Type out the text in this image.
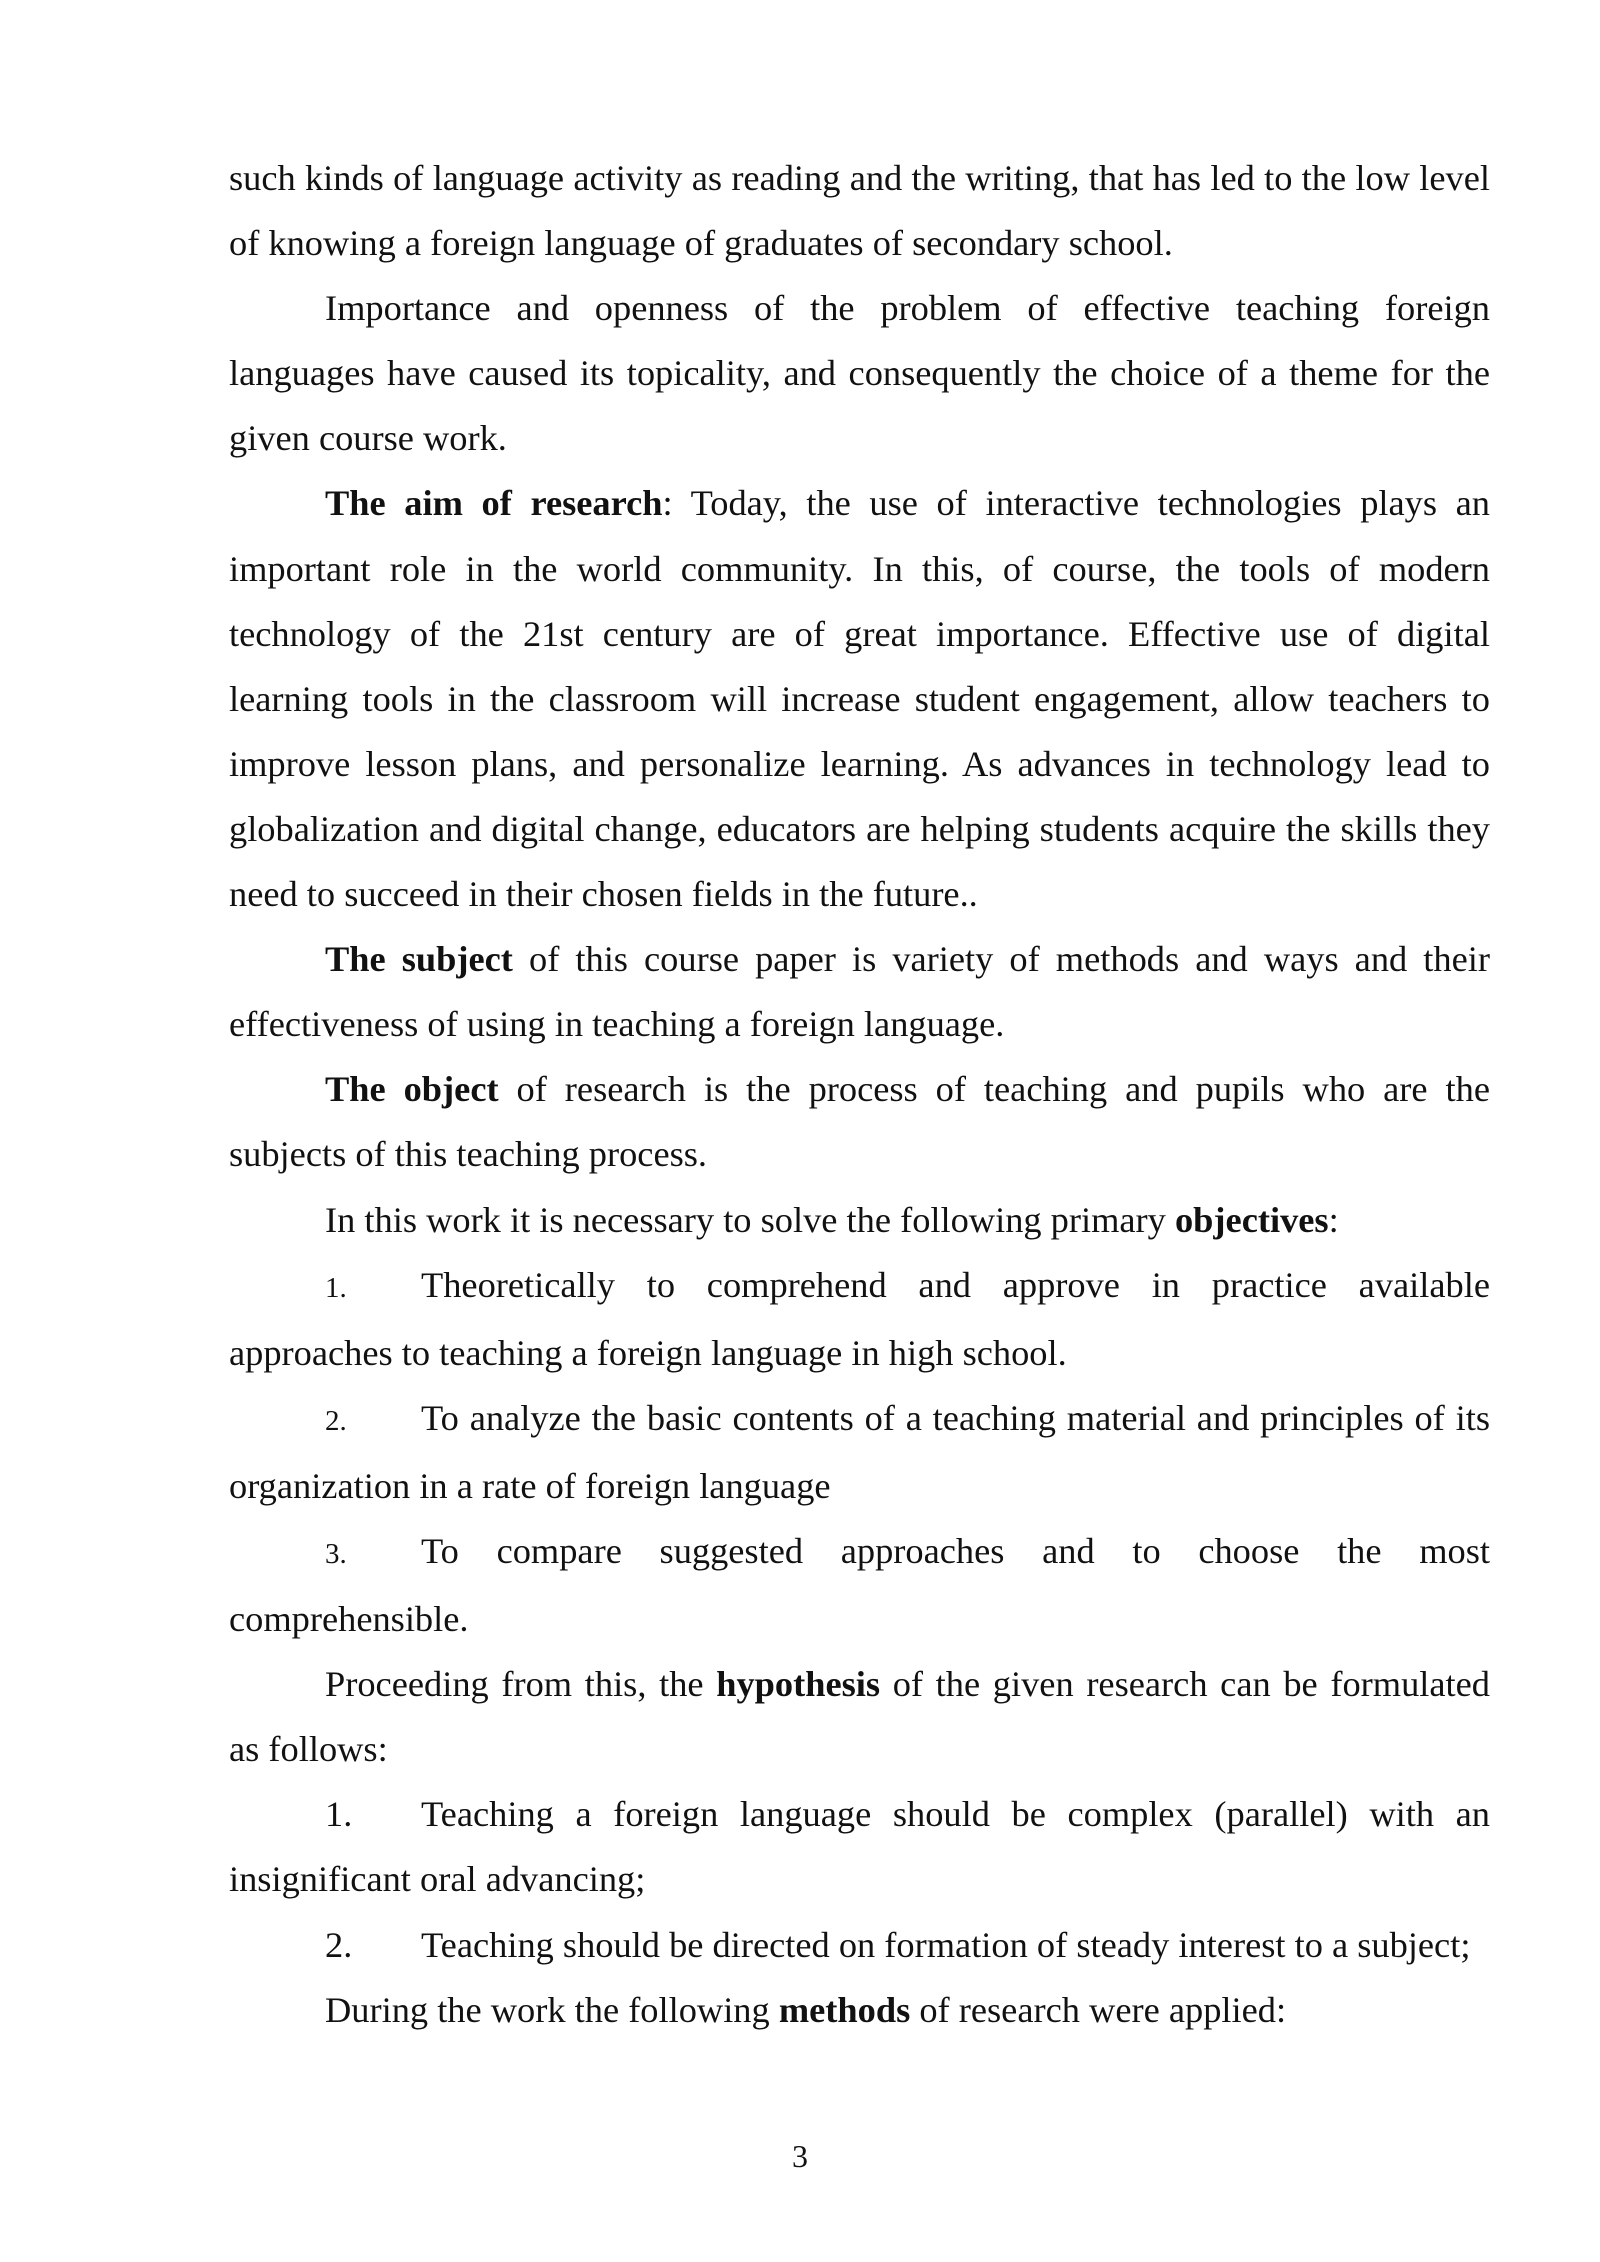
such kinds of language activity as reading and the writing, that has led to the low level of knowing a foreign language of graduates of secondary school.

Importance and openness of the problem of effective teaching foreign languages have caused its topicality, and consequently the choice of a theme for the given course work.

The aim of research: Today, the use of interactive technologies plays an important role in the world community. In this, of course, the tools of modern technology of the 21st century are of great importance. Effective use of digital learning tools in the classroom will increase student engagement, allow teachers to improve lesson plans, and personalize learning. As advances in technology lead to globalization and digital change, educators are helping students acquire the skills they need to succeed in their chosen fields in the future..

The subject of this course paper is variety of methods and ways and their effectiveness of using in teaching a foreign language.

The object of research is the process of teaching and pupils who are the subjects of this teaching process.

In this work it is necessary to solve the following primary objectives:

1. Theoretically to comprehend and approve in practice available approaches to teaching a foreign language in high school.

2. To analyze the basic contents of a teaching material and principles of its organization in a rate of foreign language

3. To compare suggested approaches and to choose the most comprehensible.

Proceeding from this, the hypothesis of the given research can be formulated as follows:

1. Teaching a foreign language should be complex (parallel) with an insignificant oral advancing;

2. Teaching should be directed on formation of steady interest to a subject;

During the work the following methods of research were applied:

3
